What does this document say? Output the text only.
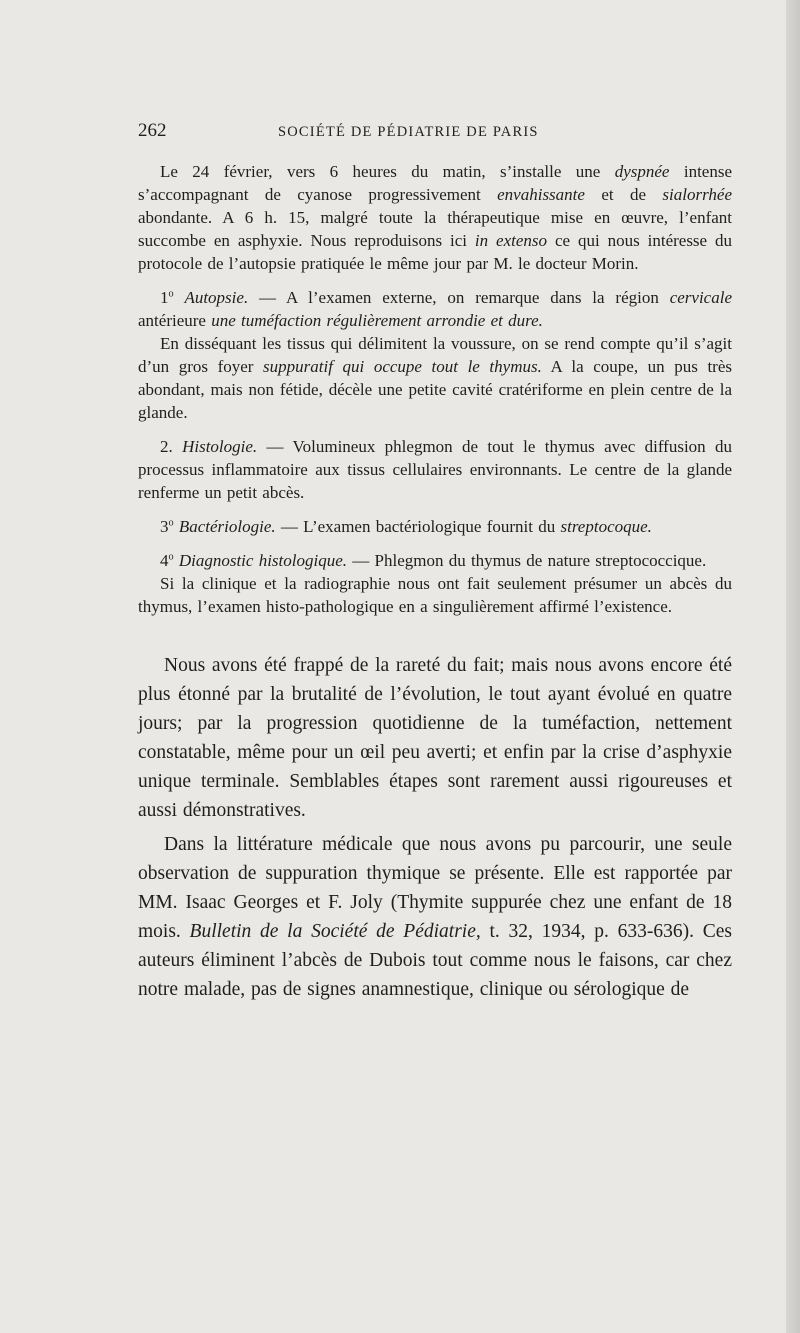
262	SOCIÉTÉ DE PÉDIATRIE DE PARIS

Le 24 février, vers 6 heures du matin, s’installe une dyspnée intense s’accompagnant de cyanose progressivement envahissante et de sialorrhée abondante. A 6 h. 15, malgré toute la thérapeutique mise en œuvre, l’enfant succombe en asphyxie. Nous reproduisons ici in extenso ce qui nous intéresse du protocole de l’autopsie pratiquée le même jour par M. le docteur Morin.

1$^o$ Autopsie. — A l’examen externe, on remarque dans la région cervicale antérieure une tuméfaction régulièrement arrondie et dure.

En disséquant les tissus qui délimitent la voussure, on se rend compte qu’il s’agit d’un gros foyer suppuratif qui occupe tout le thymus. A la coupe, un pus très abondant, mais non fétide, décèle une petite cavité cratériforme en plein centre de la glande.

2. Histologie. — Volumineux phlegmon de tout le thymus avec diffusion du processus inflammatoire aux tissus cellulaires environnants. Le centre de la glande renferme un petit abcès.

3$^o$ Bactériologie. — L’examen bactériologique fournit du streptocoque.

4$^o$ Diagnostic histologique. — Phlegmon du thymus de nature streptococcique.

Si la clinique et la radiographie nous ont fait seulement présumer un abcès du thymus, l’examen histo-pathologique en a singulièrement affirmé l’existence.

Nous avons été frappé de la rareté du fait; mais nous avons encore été plus étonné par la brutalité de l’évolution, le tout ayant évolué en quatre jours; par la progression quotidienne de la tuméfaction, nettement constatable, même pour un œil peu averti; et enfin par la crise d’asphyxie unique terminale. Semblables étapes sont rarement aussi rigoureuses et aussi démonstratives.

Dans la littérature médicale que nous avons pu parcourir, une seule observation de suppuration thymique se présente. Elle est rapportée par MM. Isaac Georges et F. Joly (Thymite suppurée chez une enfant de 18 mois. Bulletin de la Société de Pédiatrie, t. 32, 1934, p. 633-636). Ces auteurs éliminent l’abcès de Dubois tout comme nous le faisons, car chez notre malade, pas de signes anamnestique, clinique ou sérologique de
